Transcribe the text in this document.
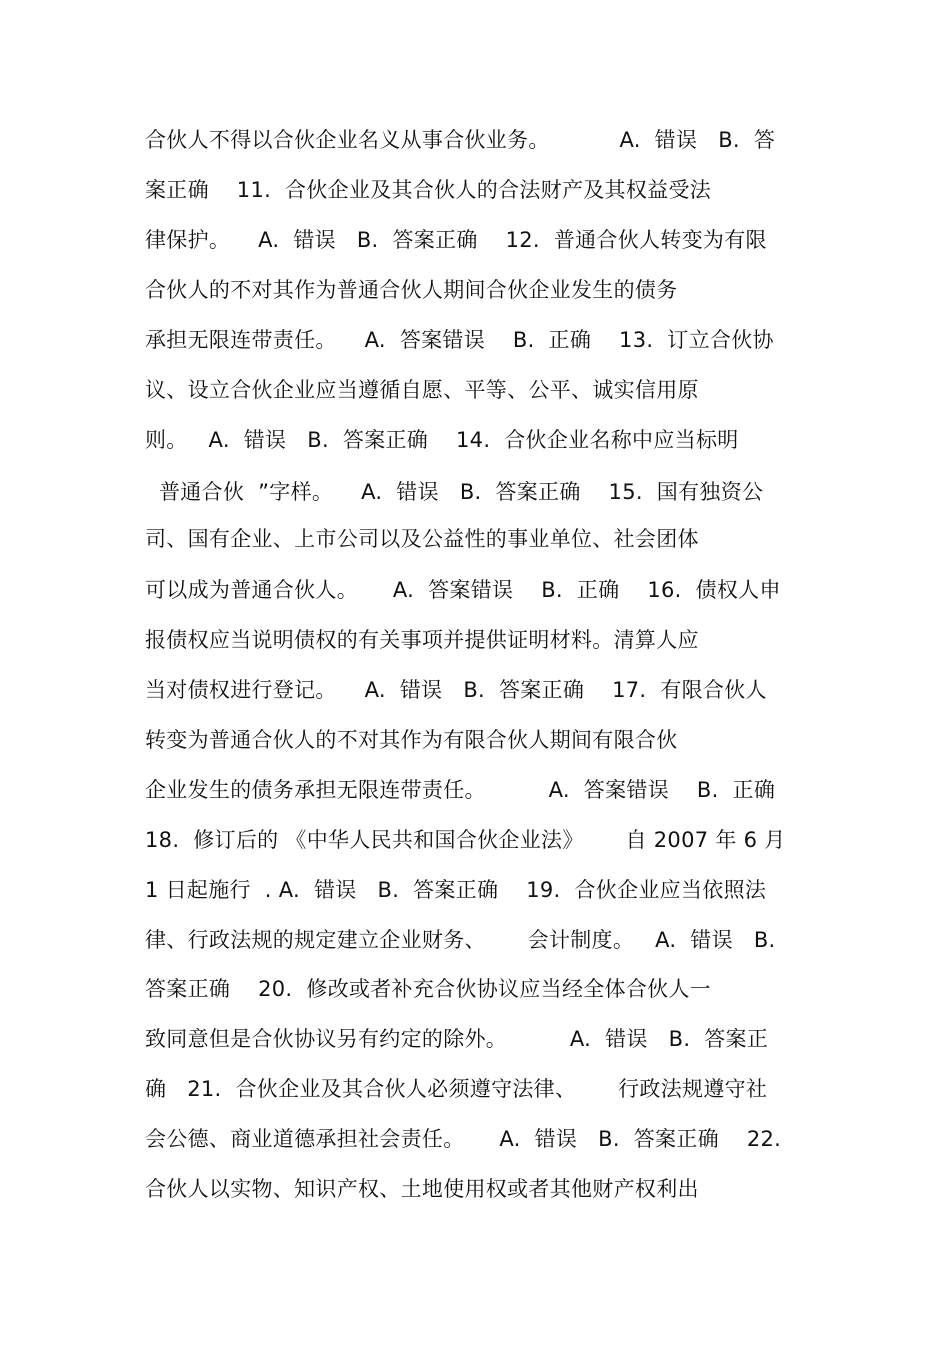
合伙人不得以合伙企业名义从事合伙业务。          A.  错误   B.  答
案正确    11.  合伙企业及其合伙人的合法财产及其权益受法
律保护。    A.  错误   B.  答案正确    12.  普通合伙人转变为有限
合伙人的不对其作为普通合伙人期间合伙企业发生的债务
承担无限连带责任。    A.  答案错误    B.  正确    13.  订立合伙协
议、设立合伙企业应当遵循自愿、平等、公平、诚实信用原
则。   A.  错误   B.  答案正确    14.  合伙企业名称中应当标明
普通合伙  ”字样。    A.  错误   B.  答案正确    15.  国有独资公
司、国有企业、上市公司以及公益性的事业单位、社会团体
可以成为普通合伙人。     A.  答案错误    B.  正确    16.  债权人申
报债权应当说明债权的有关事项并提供证明材料。清算人应
当对债权进行登记。    A.  错误   B.  答案正确    17.  有限合伙人
转变为普通合伙人的不对其作为有限合伙人期间有限合伙
企业发生的债务承担无限连带责任。         A.  答案错误    B.  正确
18.  修订后的 《中华人民共和国合伙企业法》      自 2007 年 6 月
1 日起施行  . A.  错误   B.  答案正确    19.  合伙企业应当依照法
律、行政法规的规定建立企业财务、      会计制度。   A.  错误   B.
答案正确    20.  修改或者补充合伙协议应当经全体合伙人一
致同意但是合伙协议另有约定的除外。         A.  错误   B.  答案正
确   21.  合伙企业及其合伙人必须遵守法律、      行政法规遵守社
会公德、商业道德承担社会责任。     A.  错误   B.  答案正确    22.
合伙人以实物、知识产权、土地使用权或者其他财产权利出
